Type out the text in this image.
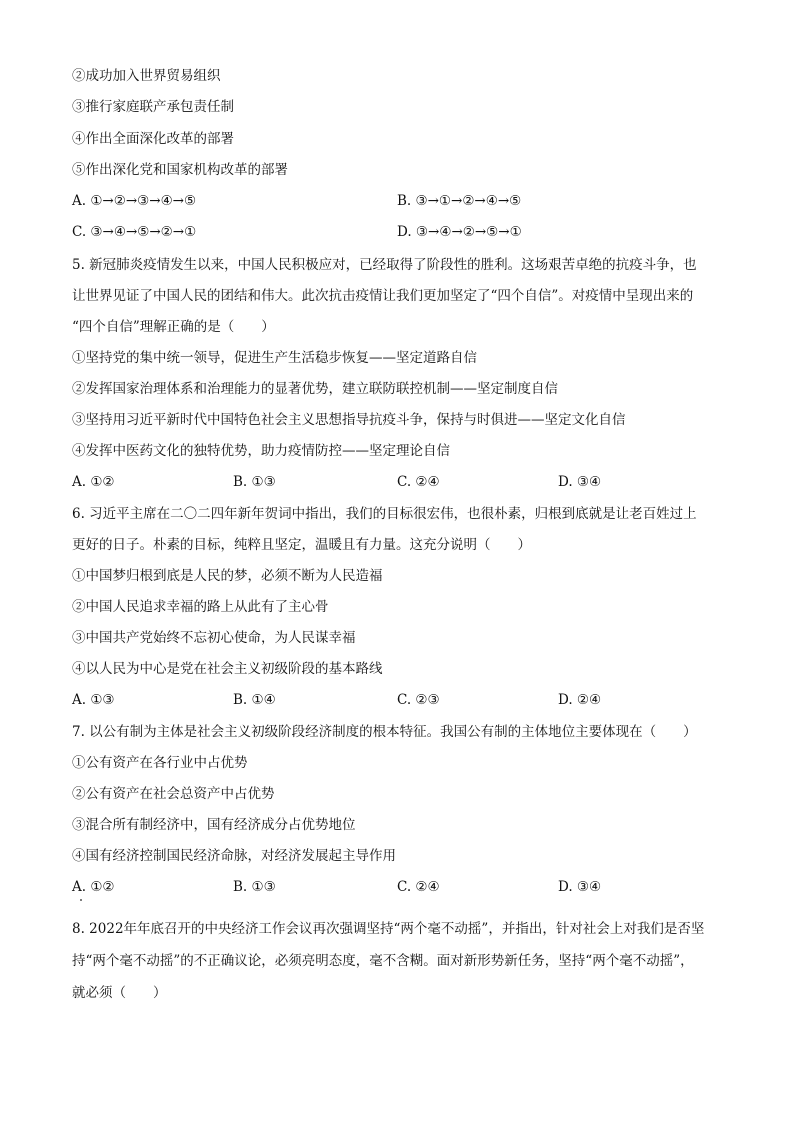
②成功加入世界贸易组织
③推行家庭联产承包责任制
④作出全面深化改革的部署
⑤作出深化党和国家机构改革的部署
A. ①→②→③→④→⑤	B. ③→①→②→④→⑤
C. ③→④→⑤→②→①	D. ③→④→②→⑤→①
5. 新冠肺炎疫情发生以来，中国人民积极应对，已经取得了阶段性的胜利。这场艰苦卓绝的抗疫斗争，也
让世界见证了中国人民的团结和伟大。此次抗击疫情让我们更加坚定了“四个自信”。对疫情中呈现出来的
“四个自信”理解正确的是（　　）
①坚持党的集中统一领导，促进生产生活稳步恢复——坚定道路自信
②发挥国家治理体系和治理能力的显著优势，建立联防联控机制——坚定制度自信
③坚持用习近平新时代中国特色社会主义思想指导抗疫斗争，保持与时俱进——坚定文化自信
④发挥中医药文化的独特优势，助力疫情防控——坚定理论自信
A. ①②	B. ①③	C. ②④	D. ③④
6. 习近平主席在二〇二四年新年贺词中指出，我们的目标很宏伟，也很朴素，归根到底就是让老百姓过上
更好的日子。朴素的目标，纯粹且坚定，温暖且有力量。这充分说明（　　）
①中国梦归根到底是人民的梦，必须不断为人民造福
②中国人民追求幸福的路上从此有了主心骨
③中国共产党始终不忘初心使命，为人民谋幸福
④以人民为中心是党在社会主义初级阶段的基本路线
A. ①③	B. ①④	C. ②③	D. ②④
7. 以公有制为主体是社会主义初级阶段经济制度的根本特征。我国公有制的主体地位主要体现在（　　）
①公有资产在各行业中占优势
②公有资产在社会总资产中占优势
③混合所有制经济中，国有经济成分占优势地位
④国有经济控制国民经济命脉，对经济发展起主导作用
A. ①②	B. ①③	C. ②④	D. ③④
8. 2022年年底召开的中央经济工作会议再次强调坚持“两个毫不动摇”，并指出，针对社会上对我们是否坚
持“两个毫不动摇”的不正确议论，必须亮明态度，毫不含糊。面对新形势新任务，坚持“两个毫不动摇”，
就必须（　　）
